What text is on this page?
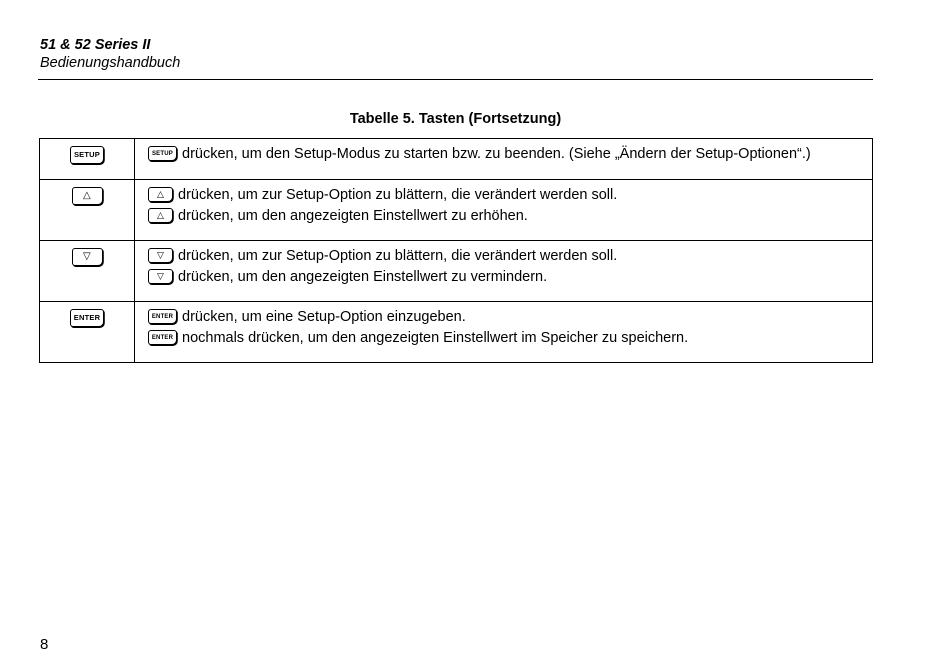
51 & 52 Series II
Bedienungshandbuch
Tabelle 5. Tasten (Fortsetzung)
SETUP	SETUP drücken, um den Setup-Modus zu starten bzw. zu beenden. (Siehe „Ändern der Setup-Optionen“.)

△	△ drücken, um zur Setup-Option zu blättern, die verändert werden soll.
△ drücken, um den angezeigten Einstellwert zu erhöhen.

▽	▽ drücken, um zur Setup-Option zu blättern, die verändert werden soll.
▽ drücken, um den angezeigten Einstellwert zu vermindern.

ENTER	ENTER drücken, um eine Setup-Option einzugeben.
ENTER nochmals drücken, um den angezeigten Einstellwert im Speicher zu speichern.
8
